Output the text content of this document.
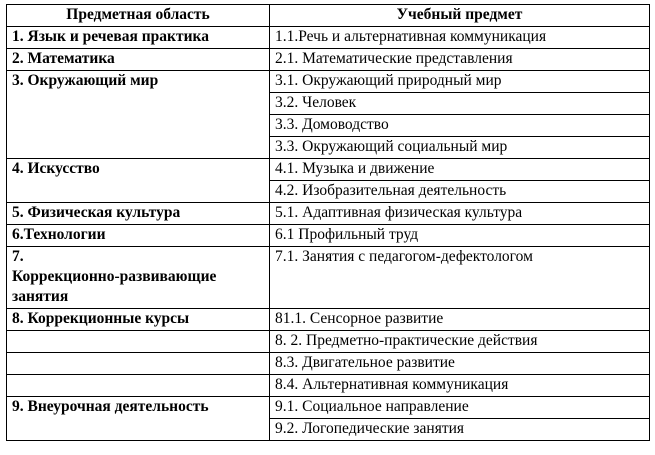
Предметная область	Учебный предмет
1. Язык и речевая практика	1.1.Речь и альтернативная коммуникация
2. Математика	2.1. Математические представления
3. Окружающий мир	3.1. Окружающий природный мир
	3.2. Человек
	3.3. Домоводство
	3.3. Окружающий социальный мир
4. Искусство	4.1. Музыка и движение
	4.2. Изобразительная деятельность
5. Физическая культура	5.1. Адаптивная физическая культура
6.Технологии	6.1 Профильный труд

7.
Коррекционно-развивающие
занятия	7.1. Занятия с педагогом-дефектологом
8. Коррекционные курсы	81.1. Сенсорное развитие
	8. 2. Предметно-практические действия
	8.3. Двигательное развитие
	8.4. Альтернативная коммуникация
9. Внеурочная деятельность	9.1. Социальное направление
	9.2. Логопедические занятия
